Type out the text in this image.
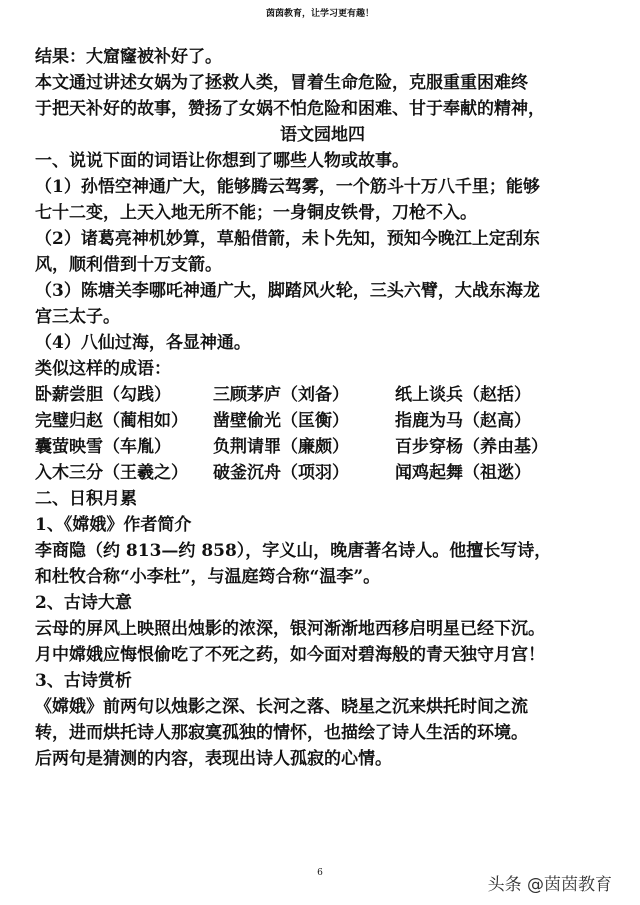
茵茵教育，让学习更有趣！
结果：大窟窿被补好了。
本文通过讲述女娲为了拯救人类，冒着生命危险，克服重重困难终
于把天补好的故事，赞扬了女娲不怕危险和困难、甘于奉献的精神，
语文园地四
一、说说下面的词语让你想到了哪些人物或故事。
（1）孙悟空神通广大，能够腾云驾雾，一个筋斗十万八千里；能够
七十二变，上天入地无所不能；一身铜皮铁骨，刀枪不入。
（2）诸葛亮神机妙算，草船借箭，未卜先知，预知今晚江上定刮东
风，顺利借到十万支箭。
（3）陈塘关李哪吒神通广大，脚踏风火轮，三头六臂，大战东海龙
宫三太子。
（4）八仙过海，各显神通。
类似这样的成语：
卧薪尝胆（勾践）	三顾茅庐（刘备）	纸上谈兵（赵括）
完璧归赵（蔺相如）	凿壁偷光（匡衡）	指鹿为马（赵高）
囊萤映雪（车胤）	负荆请罪（廉颇）	百步穿杨（养由基）
入木三分（王羲之）	破釜沉舟（项羽）	闻鸡起舞（祖逖）
二、日积月累
1、《嫦娥》作者简介
李商隐（约 813—约 858），字义山，晚唐著名诗人。他擅长写诗，
和杜牧合称“小李杜”，与温庭筠合称“温李”。
2、古诗大意
云母的屏风上映照出烛影的浓深，银河渐渐地西移启明星已经下沉。
月中嫦娥应悔恨偷吃了不死之药，如今面对碧海般的青天独守月宫！
3、古诗赏析
《嫦娥》前两句以烛影之深、长河之落、晓星之沉来烘托时间之流
转，进而烘托诗人那寂寞孤独的情怀，也描绘了诗人生活的环境。
后两句是猜测的内容，表现出诗人孤寂的心情。
6
头条 @茵茵教育
